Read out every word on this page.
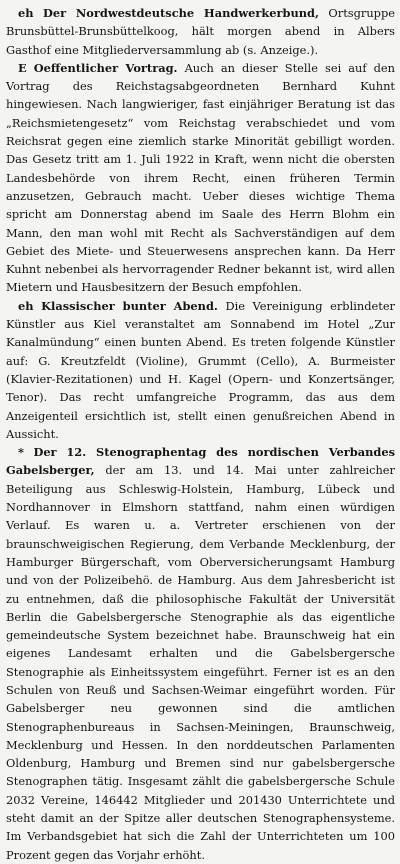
eh Der Nordwestdeutsche Handwerkerbund, Ortsgruppe Brunsbüttel-Brunsbüttelkoog, hält morgen abend in Albers Gasthof eine Mitgliederversammlung ab (s. Anzeige.).

E Oeffentlicher Vortrag. Auch an dieser Stelle sei auf den Vortrag des Reichstagsabgeordneten Bernhard Kuhnt hingewiesen. Nach langwieriger, fast einjähriger Beratung ist das „Reichsmietengesetz“ vom Reichstag verabschiedet und vom Reichsrat gegen eine ziemlich starke Minorität gebilligt worden. Das Gesetz tritt am 1. Juli 1922 in Kraft, wenn nicht die obersten Landesbehörde von ihrem Recht, einen früheren Termin anzusetzen, Gebrauch macht. Ueber dieses wichtige Thema spricht am Donnerstag abend im Saale des Herrn Blohm ein Mann, den man wohl mit Recht als Sachverständigen auf dem Gebiet des Miete- und Steuerwesens ansprechen kann. Da Herr Kuhnt nebenbei als hervorragender Redner bekannt ist, wird allen Mietern und Hausbesitzern der Besuch empfohlen.

eh Klassischer bunter Abend. Die Vereinigung erblindeter Künstler aus Kiel veranstaltet am Sonnabend im Hotel „Zur Kanalmündung“ einen bunten Abend. Es treten folgende Künstler auf: G. Kreutzfeldt (Violine), Grummt (Cello), A. Burmeister (Klavier-Rezitationen) und H. Kagel (Opern- und Konzertsänger, Tenor). Das recht umfangreiche Programm, das aus dem Anzeigenteil ersichtlich ist, stellt einen genußreichen Abend in Aussicht.

* Der 12. Stenographentag des nordischen Verbandes Gabelsberger, der am 13. und 14. Mai unter zahlreicher Beteiligung aus Schleswig-Holstein, Hamburg, Lübeck und Nordhannover in Elmshorn stattfand, nahm einen würdigen Verlauf. Es waren u. a. Vertreter erschienen von der braunschweigischen Regierung, dem Verbande Mecklenburg, der Hamburger Bürgerschaft, vom Oberversicherungsamt Hamburg und von der Polizeibehö. de Hamburg. Aus dem Jahresbericht ist zu entnehmen, daß die philosophische Fakultät der Universität Berlin die Gabelsbergersche Stenographie als das eigentliche gemeindeutsche System bezeichnet habe. Braunschweig hat ein eigenes Landesamt erhalten und die Gabelsbergersche Stenographie als Einheitssystem eingeführt. Ferner ist es an den Schulen von Reuß und Sachsen-Weimar eingeführt worden. Für Gabelsberger neu gewonnen sind die amtlichen Stenographenbureaus in Sachsen-Meiningen, Braunschweig, Mecklenburg und Hessen. In den norddeutschen Parlamenten Oldenburg, Hamburg und Bremen sind nur gabelsbergersche Stenographen tätig. Insgesamt zählt die gabelsbergersche Schule 2032 Vereine, 146442 Mitglieder und 201430 Unterrichtete und steht damit an der Spitze aller deutschen Stenographensysteme. Im Verbandsgebiet hat sich die Zahl der Unterrichteten um 100 Prozent gegen das Vorjahr erhöht.
